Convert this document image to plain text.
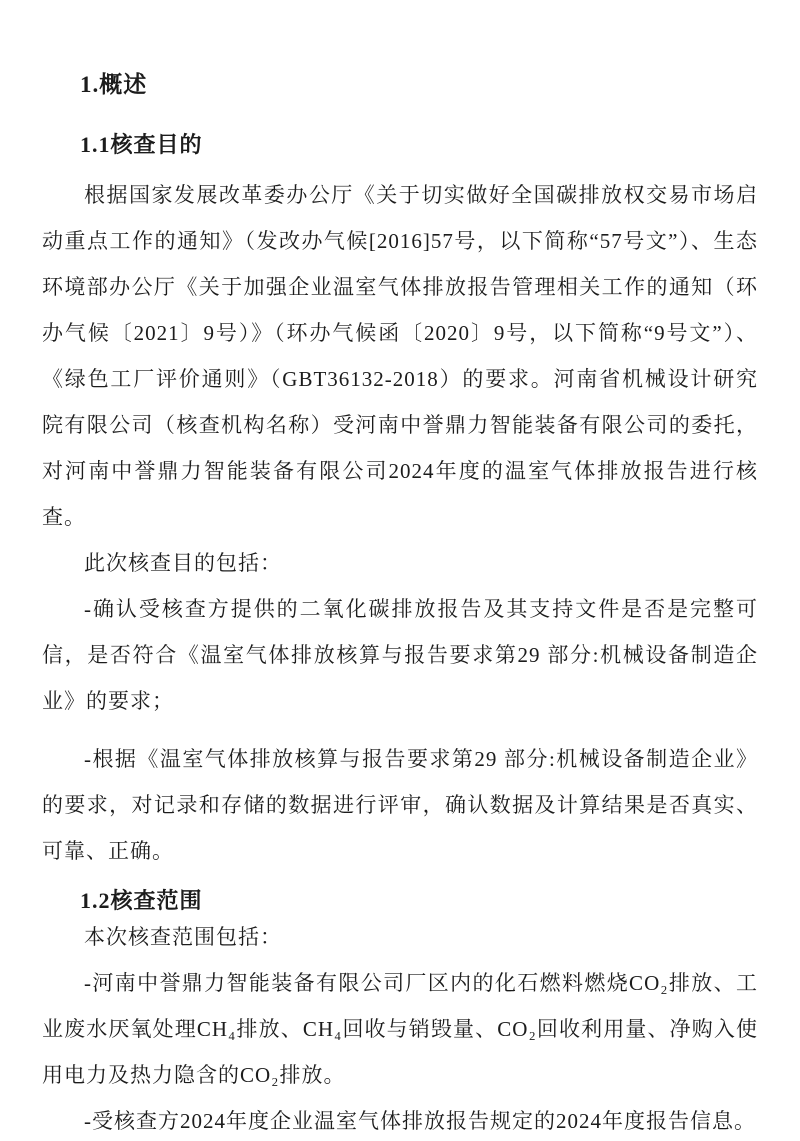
1.概述
1.1核查目的

根据国家发展改革委办公厅《关于切实做好全国碳排放权交易市场启动重点工作的通知》（发改办气候[2016]57号，以下简称“57号文”）、生态环境部办公厅《关于加强企业温室气体排放报告管理相关工作的通知（环办气候〔2021〕9号）》（环办气候函〔2020〕9号，以下简称“9号文”）、《绿色工厂评价通则》（GBT36132-2018）的要求。河南省机械设计研究院有限公司（核查机构名称）受河南中誉鼎力智能装备有限公司的委托，对河南中誉鼎力智能装备有限公司2024年度的温室气体排放报告进行核查。

此次核查目的包括：

-确认受核查方提供的二氧化碳排放报告及其支持文件是否是完整可信，是否符合《温室气体排放核算与报告要求第29 部分:机械设备制造企业》的要求；

-根据《温室气体排放核算与报告要求第29 部分:机械设备制造企业》的要求，对记录和存储的数据进行评审，确认数据及计算结果是否真实、可靠、正确。

1.2核查范围

本次核查范围包括：

-河南中誉鼎力智能装备有限公司厂区内的化石燃料燃烧CO₂排放、工业废水厌氧处理CH₄排放、CH₄回收与销毁量、CO₂回收利用量、净购入使用电力及热力隐含的CO₂排放。

-受核查方2024年度企业温室气体排放报告规定的2024年度报告信息。
